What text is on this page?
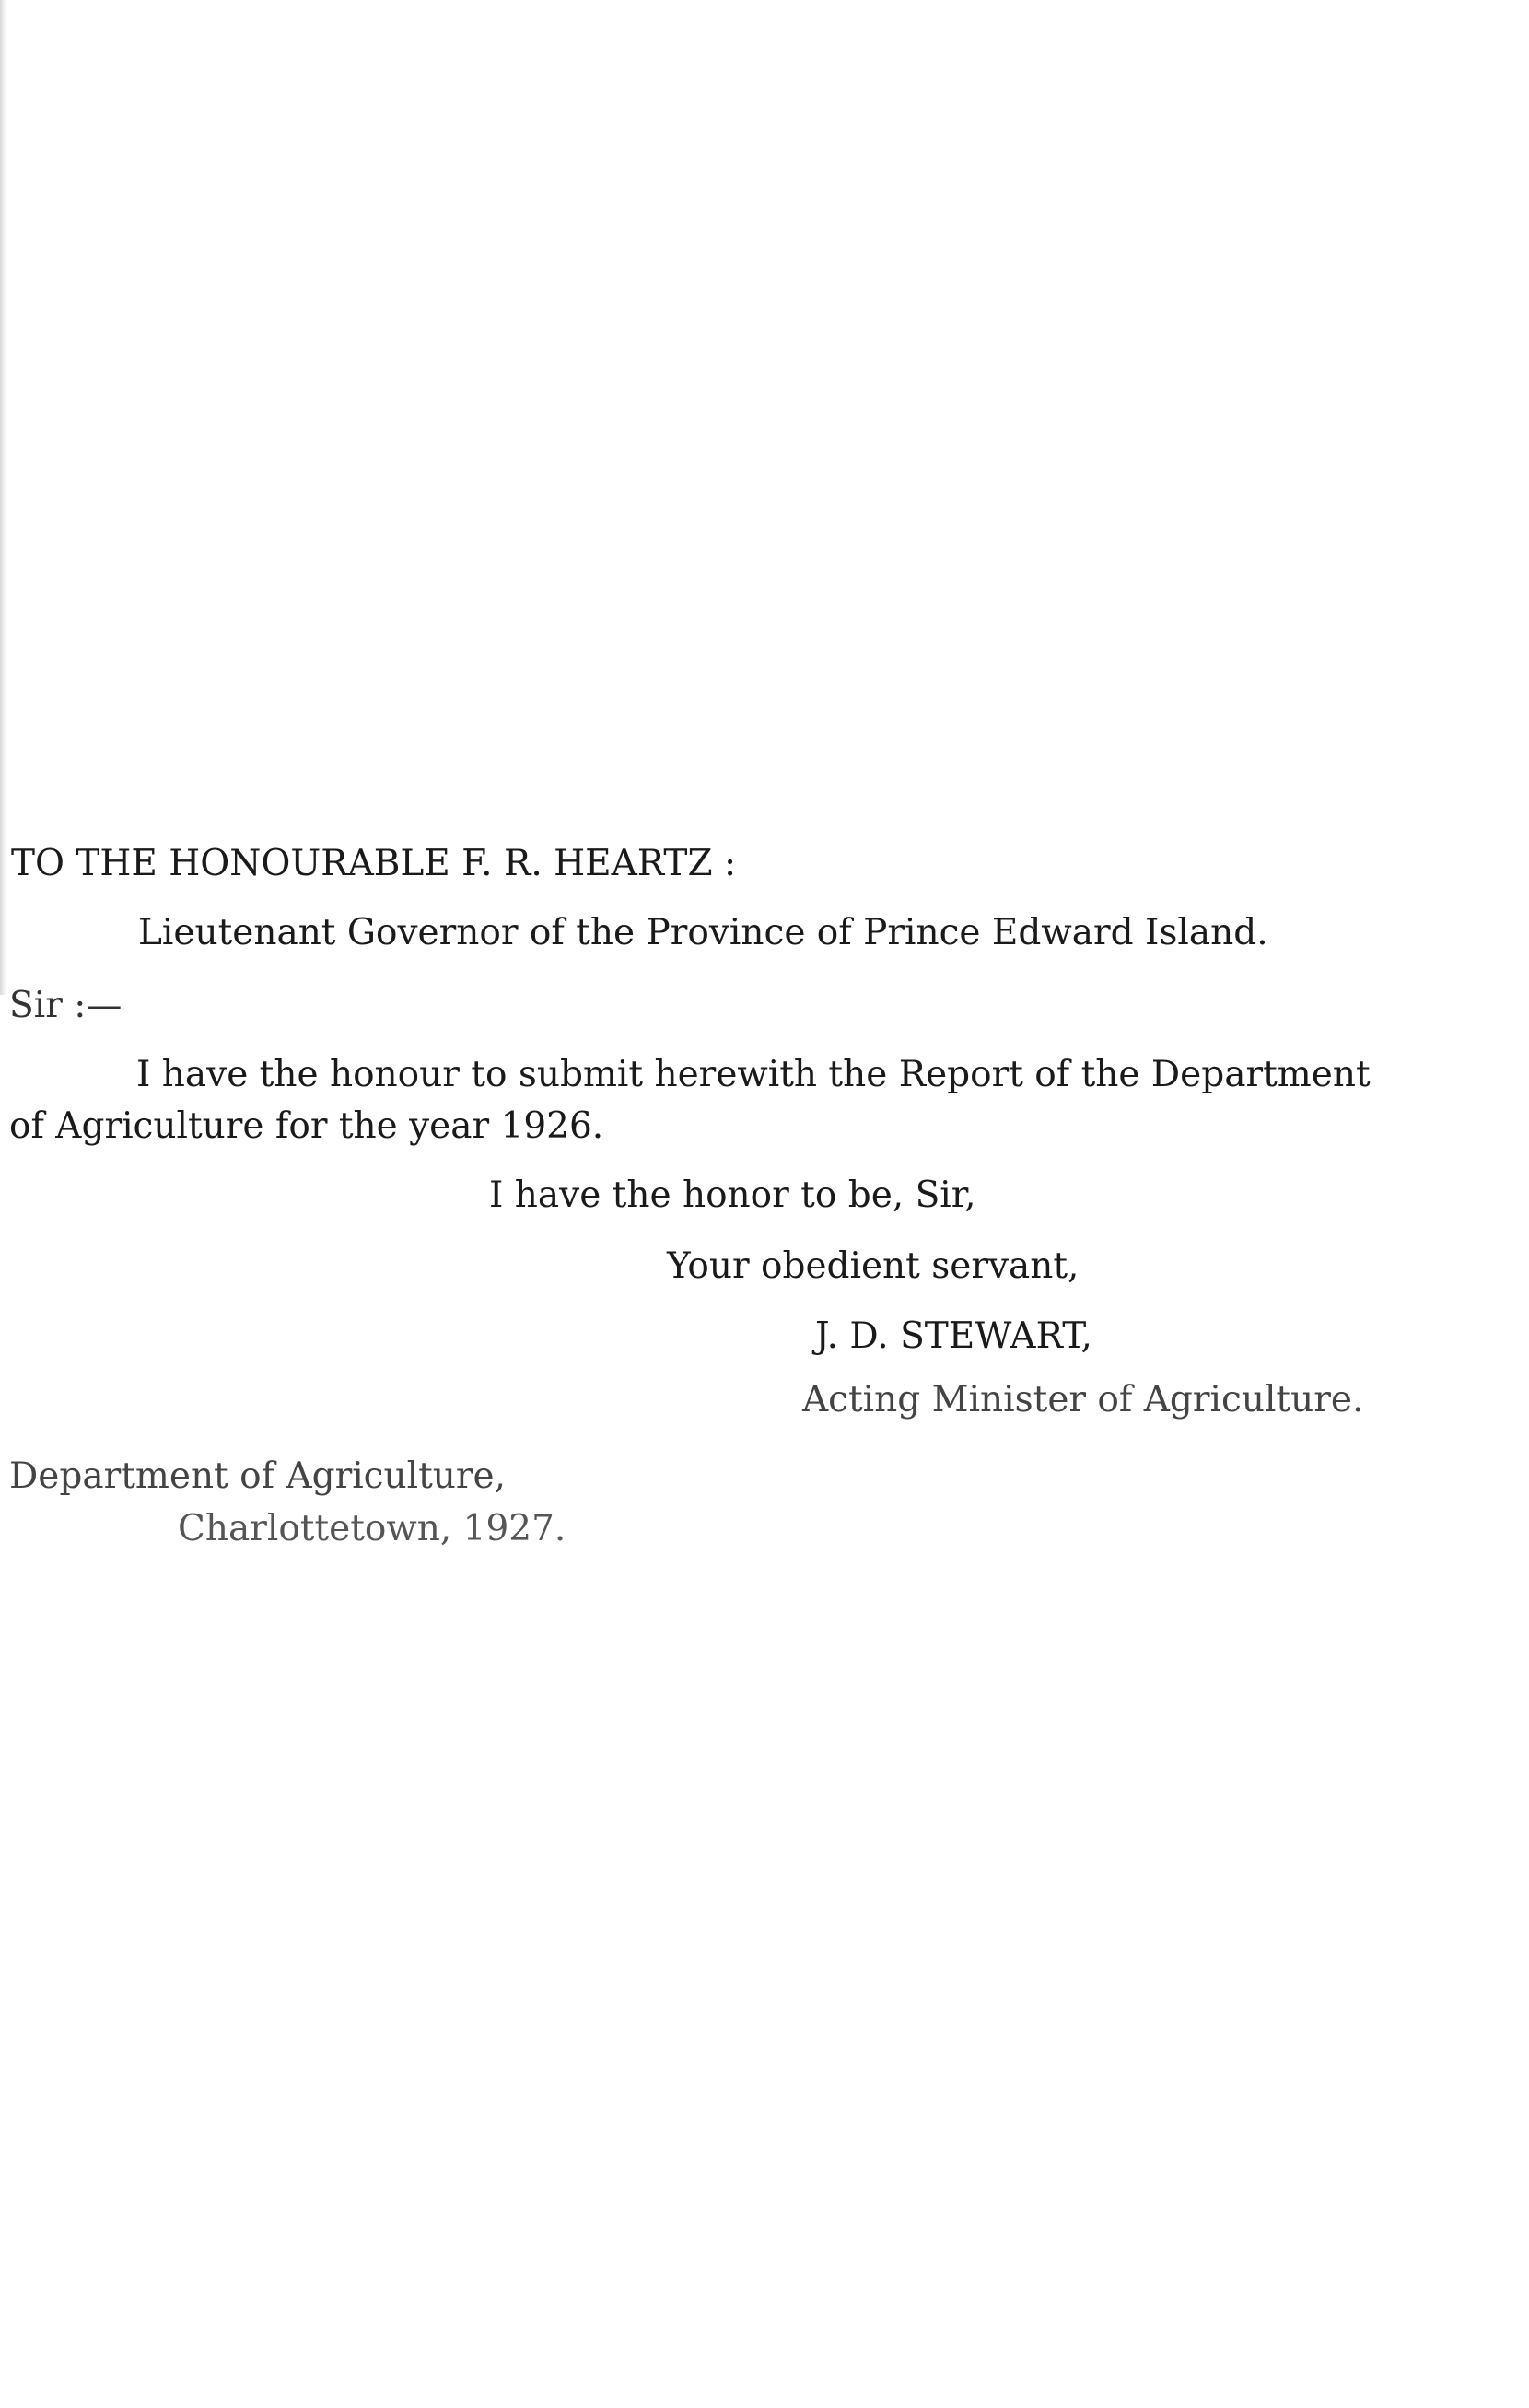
TO THE HONOURABLE F. R. HEARTZ :
Lieutenant Governor of the Province of Prince Edward Island.
Sir :—
I have the honour to submit herewith the Report of the Department
of Agriculture for the year 1926.
I have the honor to be, Sir,
Your obedient servant,
J. D. STEWART,
Acting Minister of Agriculture.
Department of Agriculture,
Charlottetown, 1927.
